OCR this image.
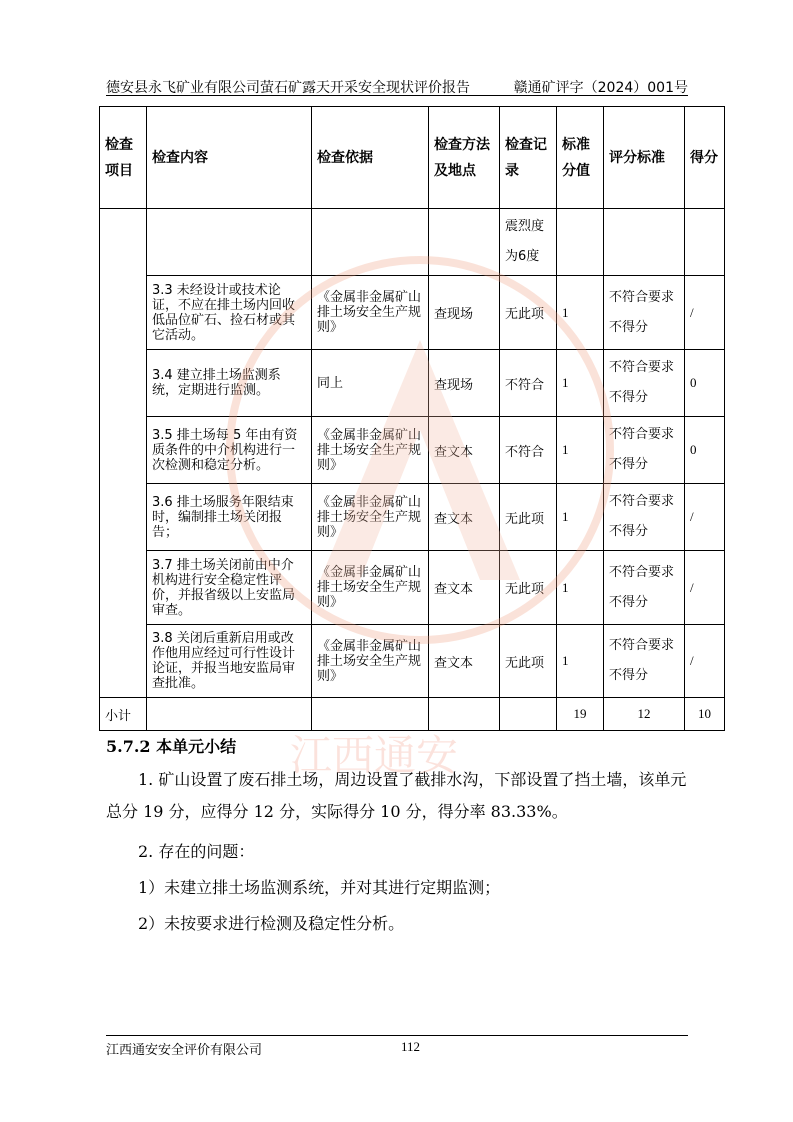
德安县永飞矿业有限公司萤石矿露天开采安全现状评价报告	赣通矿评字（2024）001号
检查项目	检查内容	检查依据	检查方法及地点	检查记录	标准分值	评分标准	得分
				震烈度为6度			
	3.3 未经设计或技术论证，不应在排土场内回收低品位矿石、捡石材或其它活动。	《金属非金属矿山排土场安全生产规则》	查现场	无此项	1	不符合要求不得分	/
	3.4 建立排土场监测系统，定期进行监测。	同上	查现场	不符合	1	不符合要求不得分	0
	3.5 排土场每 5 年由有资质条件的中介机构进行一次检测和稳定分析。	《金属非金属矿山排土场安全生产规则》	查文本	不符合	1	不符合要求不得分	0
	3.6 排土场服务年限结束时，编制排土场关闭报告；	《金属非金属矿山排土场安全生产规则》	查文本	无此项	1	不符合要求不得分	/
	3.7 排土场关闭前由中介机构进行安全稳定性评价，并报省级以上安监局审查。	《金属非金属矿山排土场安全生产规则》	查文本	无此项	1	不符合要求不得分	/
	3.8 关闭后重新启用或改作他用应经过可行性设计论证，并报当地安监局审查批准。	《金属非金属矿山排土场安全生产规则》	查文本	无此项	1	不符合要求不得分	/
小计					19	12	10
5.7.2 本单元小结
1. 矿山设置了废石排土场，周边设置了截排水沟，下部设置了挡土墙，该单元总分 19 分，应得分 12 分，实际得分 10 分，得分率 83.33%。
2. 存在的问题：
1）未建立排土场监测系统，并对其进行定期监测；
2）未按要求进行检测及稳定性分析。
江西通安
江西通安安全评价有限公司	112
